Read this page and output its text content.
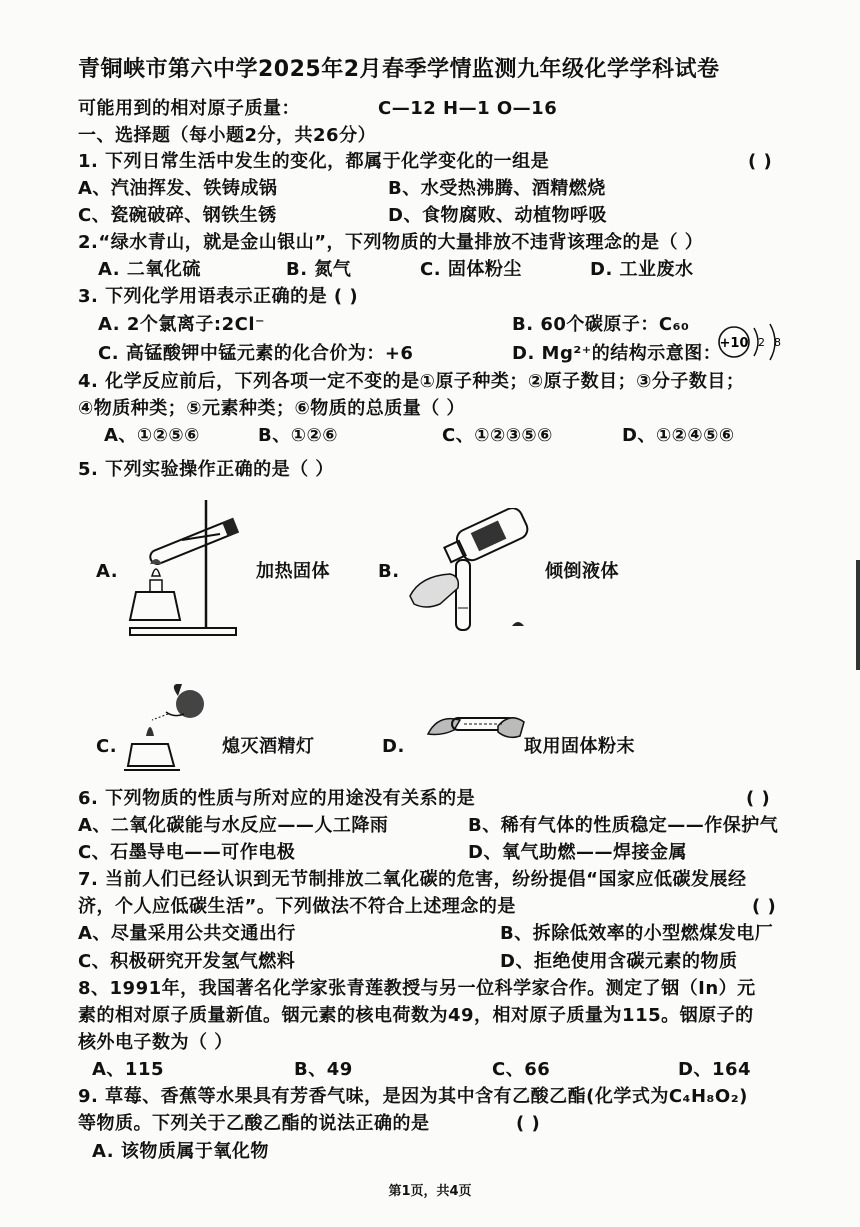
青铜峡市第六中学2025年2月春季学情监测九年级化学学科试卷
可能用到的相对原子质量：	C—12 H—1 O—16
一、选择题（每小题2分，共26分）
1. 下列日常生活中发生的变化，都属于化学变化的一组是	( )
A、汽油挥发、铁铸成锅	B、水受热沸腾、酒精燃烧
C、瓷碗破碎、钢铁生锈	D、食物腐败、动植物呼吸
2.“绿水青山，就是金山银山”，下列物质的大量排放不违背该理念的是（ ）
A. 二氧化硫	B. 氮气	C. 固体粉尘	D. 工业废水
3. 下列化学用语表示正确的是 ( )
A. 2个氯离子:2Cl⁻	B. 60个碳原子：C₆₀
C. 高锰酸钾中锰元素的化合价为：+6	D. Mg²⁺的结构示意图：
+10 2 8
4. 化学反应前后，下列各项一定不变的是①原子种类；②原子数目；③分子数目；
④物质种类；⑤元素种类；⑥物质的总质量（ ）
A、①②⑤⑥	B、①②⑥	C、①②③⑤⑥	D、①②④⑤⑥
5. 下列实验操作正确的是（ ）
A.	加热固体	B.	倾倒液体
C.	熄灭酒精灯	D.	取用固体粉末
6. 下列物质的性质与所对应的用途没有关系的是	( )
A、二氧化碳能与水反应——人工降雨	B、稀有气体的性质稳定——作保护气
C、石墨导电——可作电极	D、氧气助燃——焊接金属
7. 当前人们已经认识到无节制排放二氧化碳的危害，纷纷提倡“国家应低碳发展经
济，个人应低碳生活”。下列做法不符合上述理念的是	( )
A、尽量采用公共交通出行	B、拆除低效率的小型燃煤发电厂
C、积极研究开发氢气燃料	D、拒绝使用含碳元素的物质
8、1991年，我国著名化学家张青莲教授与另一位科学家合作。测定了铟（In）元
素的相对原子质量新值。铟元素的核电荷数为49，相对原子质量为115。铟原子的
核外电子数为（ ）
A、115	B、49	C、66	D、164
9. 草莓、香蕉等水果具有芳香气味，是因为其中含有乙酸乙酯(化学式为C₄H₈O₂)
等物质。下列关于乙酸乙酯的说法正确的是	( )
A. 该物质属于氧化物
第1页，共4页
